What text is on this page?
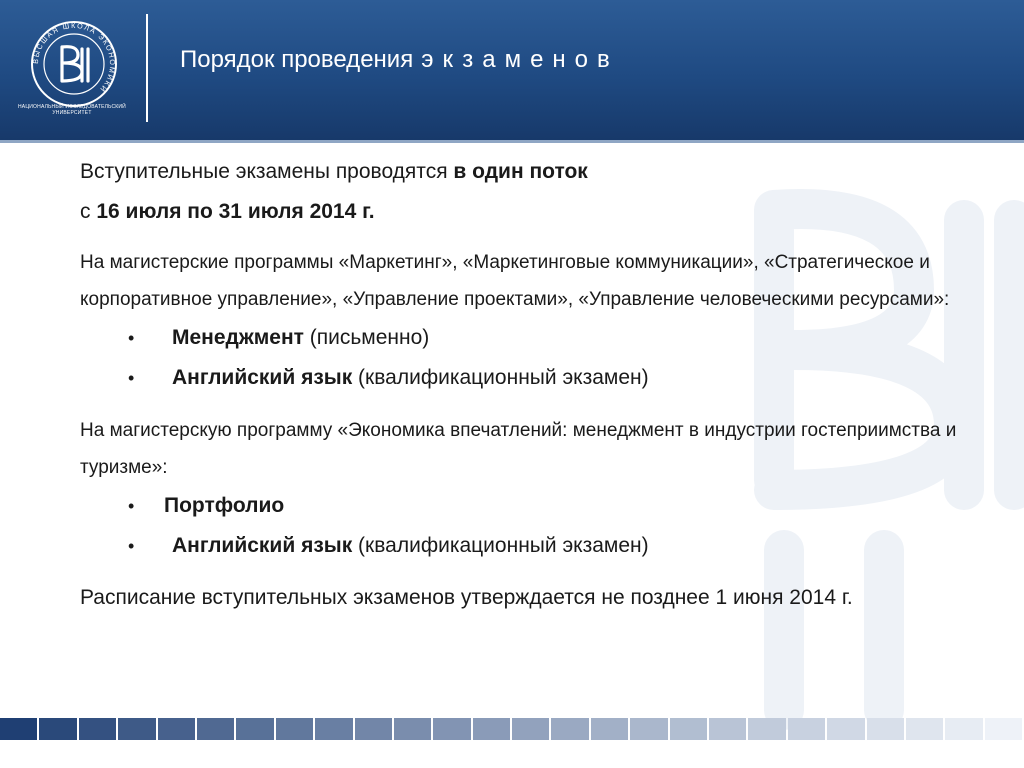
ВЫСШАЯ ШКОЛА ЭКОНОМИКИ
НАЦИОНАЛЬНЫЙ ИССЛЕДОВАТЕЛЬСКИЙ
УНИВЕРСИТЕТ
Порядок проведения экзаменов

Вступительные экзамены проводятся в один поток

с 16 июля по 31 июля 2014 г.

На магистерские программы «Маркетинг», «Маркетинговые коммуникации», «Стратегическое и корпоративное управление», «Управление проектами», «Управление человеческими ресурсами»:

• Менеджмент (письменно)
• Английский язык (квалификационный экзамен)

На магистерскую программу «Экономика впечатлений: менеджмент в индустрии гостеприимства и туризме»:

• Портфолио
• Английский язык (квалификационный экзамен)

Расписание вступительных экзаменов утверждается не позднее 1 июня 2014 г.
